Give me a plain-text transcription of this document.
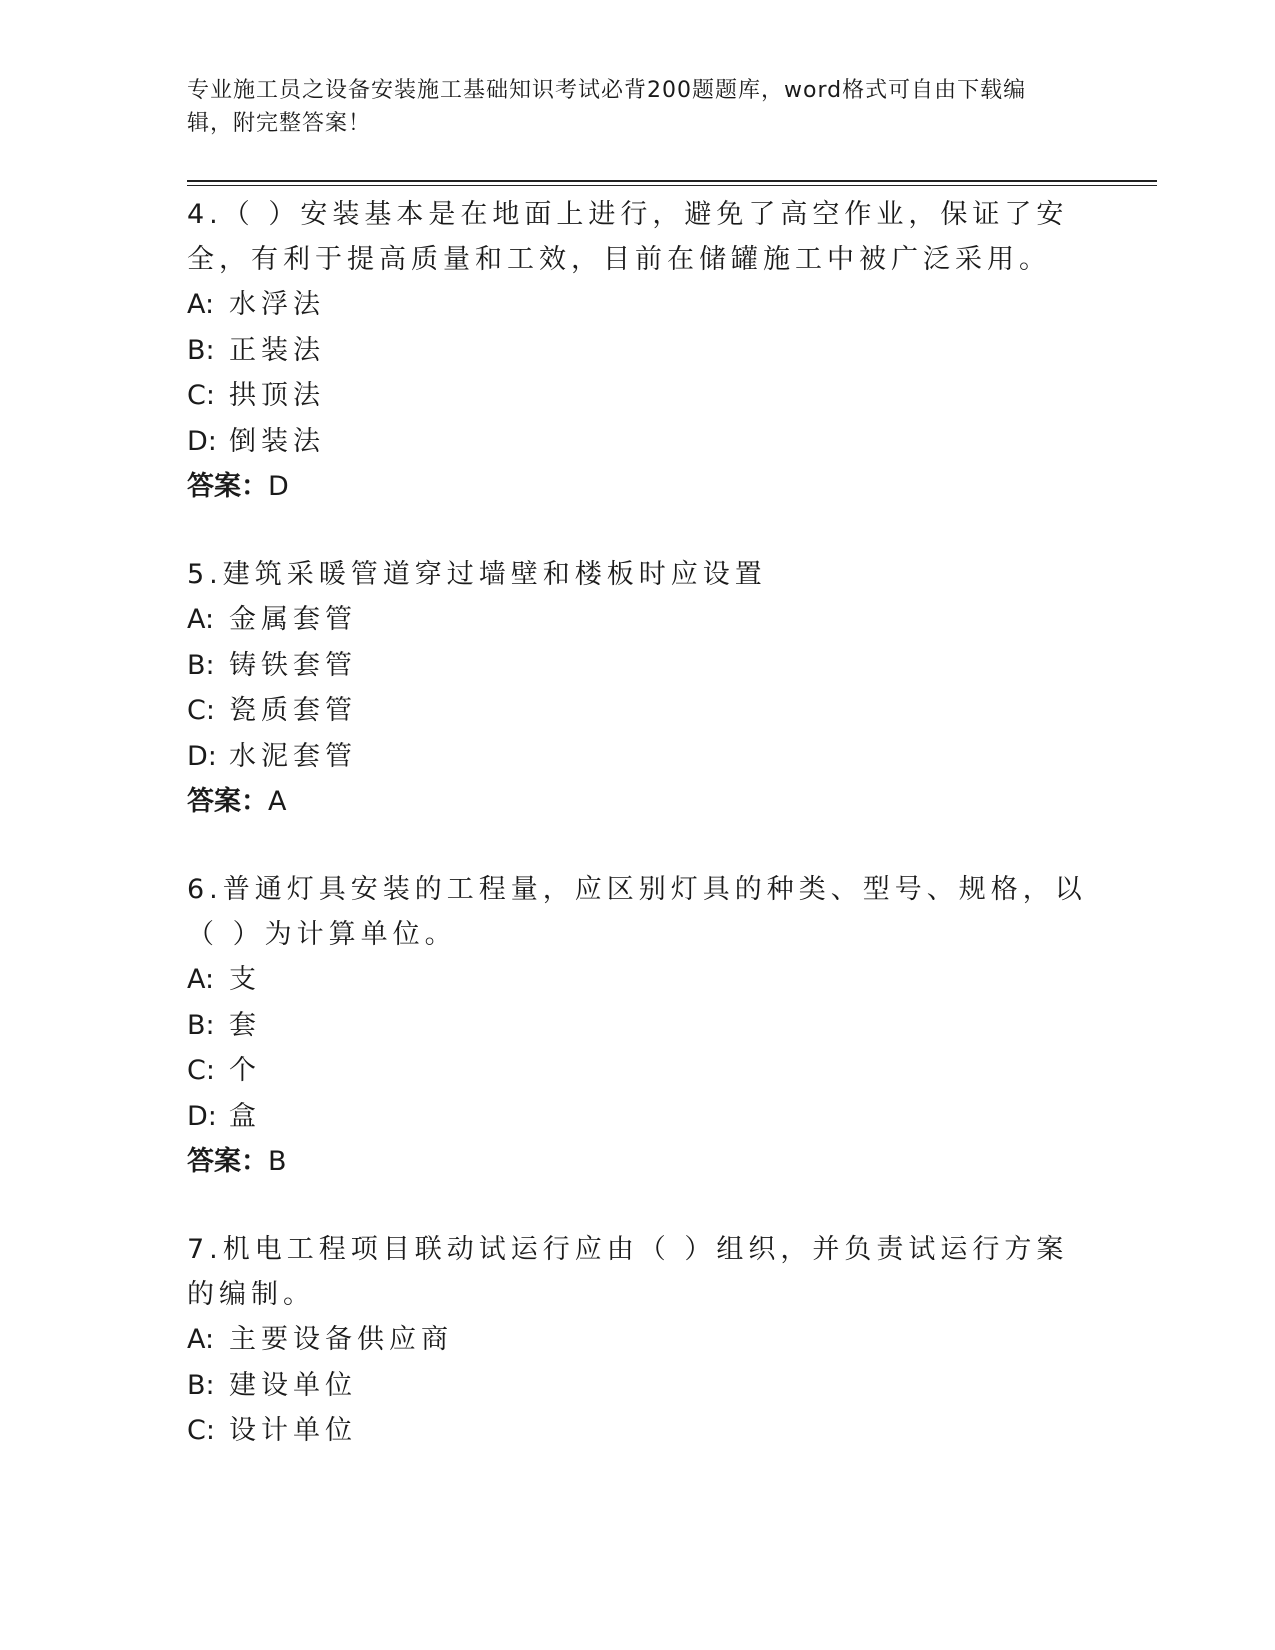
专业施工员之设备安装施工基础知识考试必背200题题库，word格式可自由下载编辑，附完整答案！

4.（ ）安装基本是在地面上进行，避免了高空作业，保证了安全，有利于提高质量和工效，目前在储罐施工中被广泛采用。

A: 水浮法

B: 正装法

C: 拱顶法

D: 倒装法

答案：D

5.建筑采暖管道穿过墙壁和楼板时应设置

A: 金属套管

B: 铸铁套管

C: 瓷质套管

D: 水泥套管

答案：A

6.普通灯具安装的工程量，应区别灯具的种类、型号、规格，以（ ）为计算单位。

A: 支

B: 套

C: 个

D: 盒

答案：B

7.机电工程项目联动试运行应由（ ）组织，并负责试运行方案的编制。

A: 主要设备供应商

B: 建设单位

C: 设计单位
